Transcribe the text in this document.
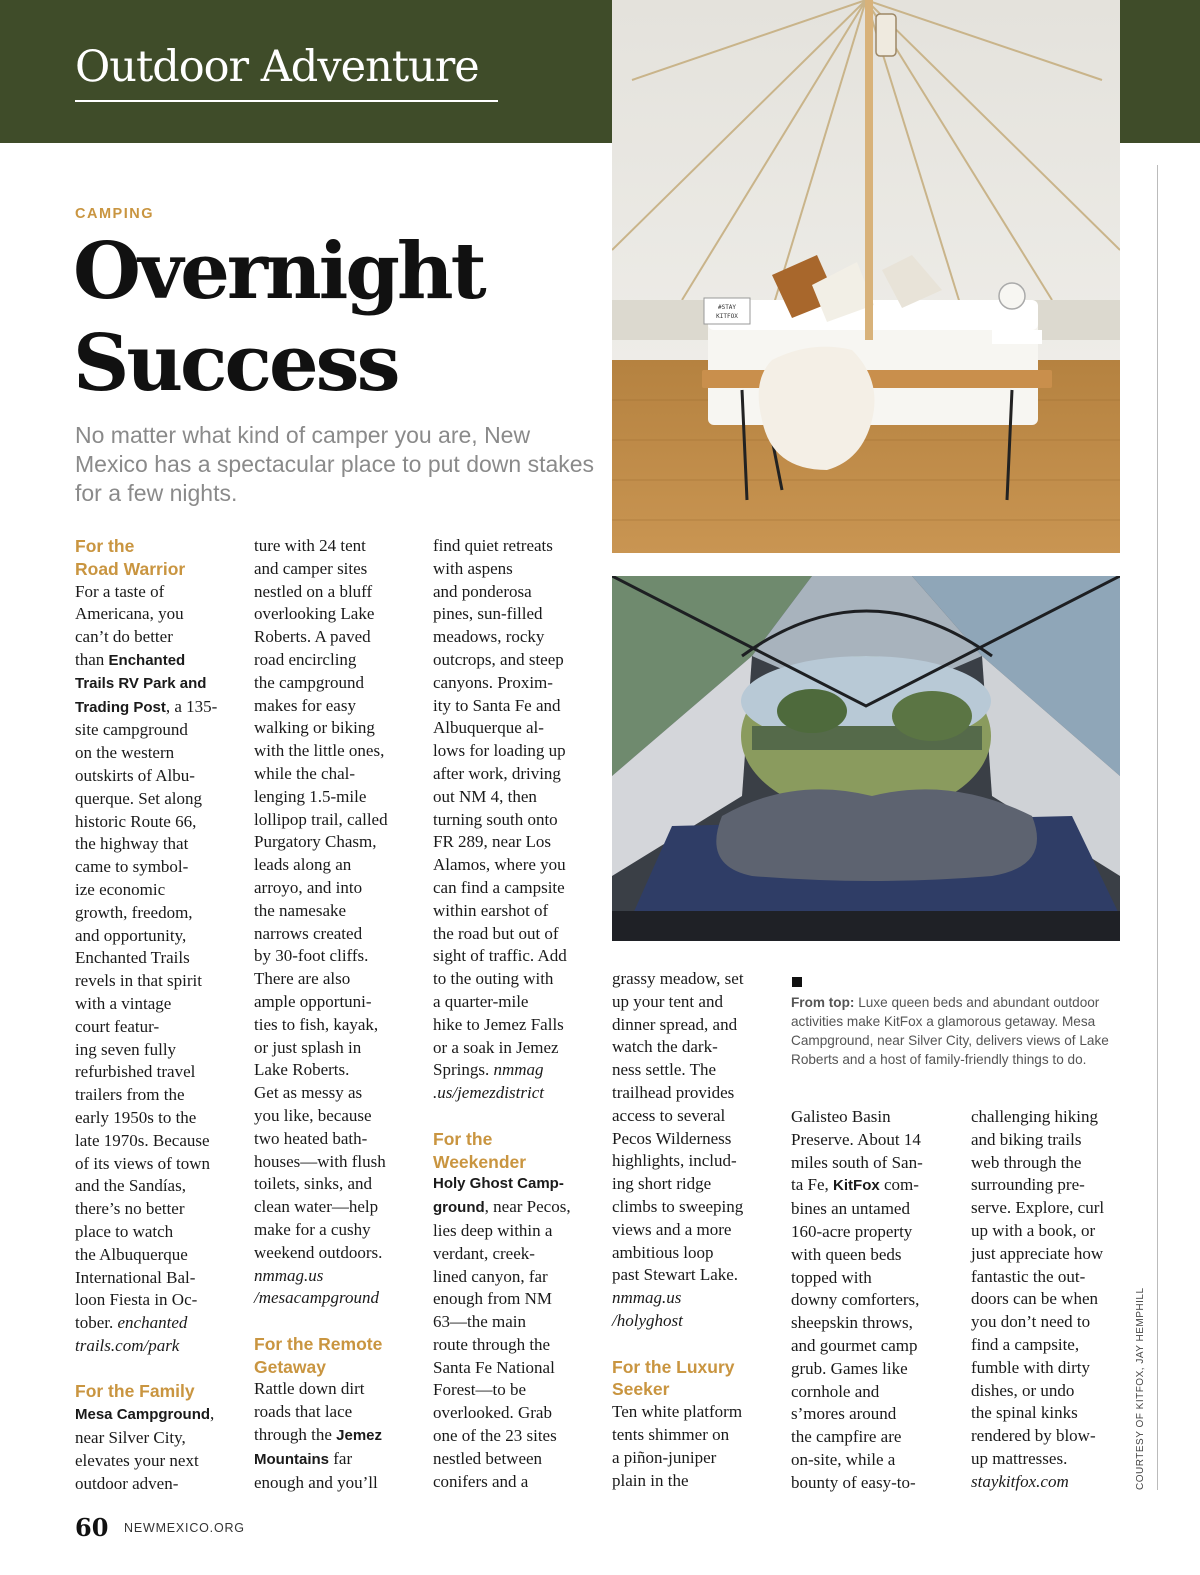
Outdoor Adventure
CAMPING
Overnight
Success
No matter what kind of camper you are, New Mexico has a spectacular place to put down stakes for a few nights.

For the
Road Warrior

For a taste of

Americana, you

can’t do better

than Enchanted

Trails RV Park and

Trading Post, a 135-

site campground

on the western

outskirts of Albu-

querque. Set along

historic Route 66,

the highway that

came to symbol-

ize economic

growth, freedom,

and opportunity,

Enchanted Trails

revels in that spirit

with a vintage

court featur-

ing seven fully

refurbished travel

trailers from the

early 1950s to the

late 1970s. Because

of its views of town

and the Sandías,

there’s no better

place to watch

the Albuquerque

International Bal-

loon Fiesta in Oc-

tober. enchanted

trails.com/park

For the Family

Mesa Campground,

near Silver City,

elevates your next

outdoor adven-

ture with 24 tent

and camper sites

nestled on a bluff

overlooking Lake

Roberts. A paved

road encircling

the campground

makes for easy

walking or biking

with the little ones,

while the chal-

lenging 1.5-mile

lollipop trail, called

Purgatory Chasm,

leads along an

arroyo, and into

the namesake

narrows created

by 30-foot cliffs.

There are also

ample opportuni-

ties to fish, kayak,

or just splash in

Lake Roberts.

Get as messy as

you like, because

two heated bath-

houses—with flush

toilets, sinks, and

clean water—help

make for a cushy

weekend outdoors.

nmmag.us

/mesacampground

For the Remote
Getaway

Rattle down dirt

roads that lace

through the Jemez

Mountains far

enough and you’ll

find quiet retreats

with aspens

and ponderosa

pines, sun-filled

meadows, rocky

outcrops, and steep

canyons. Proxim-

ity to Santa Fe and

Albuquerque al-

lows for loading up

after work, driving

out NM 4, then

turning south onto

FR 289, near Los

Alamos, where you

can find a campsite

within earshot of

the road but out of

sight of traffic. Add

to the outing with

a quarter-mile

hike to Jemez Falls

or a soak in Jemez

Springs. nmmag

.us/jemezdistrict

For the
Weekender

Holy Ghost Camp-

ground, near Pecos,

lies deep within a

verdant, creek-

lined canyon, far

enough from NM

63—the main

route through the

Santa Fe National

Forest—to be

overlooked. Grab

one of the 23 sites

nestled between

conifers and a

grassy meadow, set

up your tent and

dinner spread, and

watch the dark-

ness settle. The

trailhead provides

access to several

Pecos Wilderness

highlights, includ-

ing short ridge

climbs to sweeping

views and a more

ambitious loop

past Stewart Lake.

nmmag.us

/holyghost

For the Luxury
Seeker

Ten white platform

tents shimmer on

a piñon-juniper

plain in the

Galisteo Basin

Preserve. About 14

miles south of San-

ta Fe, KitFox com-

bines an untamed

160-acre property

with queen beds

topped with

downy comforters,

sheepskin throws,

and gourmet camp

grub. Games like

cornhole and

s’mores around

the campfire are

on-site, while a

bounty of easy-to-

challenging hiking

and biking trails

web through the

surrounding pre-

serve. Explore, curl

up with a book, or

just appreciate how

fantastic the out-

doors can be when

you don’t need to

find a campsite,

fumble with dirty

dishes, or undo

the spinal kinks

rendered by blow-

up mattresses.

staykitfox.com

#STAY
KITFOX
From top: Luxe queen beds and abundant outdoor activities make KitFox a glamorous getaway. Mesa Campground, near Silver City, delivers views of Lake Roberts and a host of family-friendly things to do.
COURTESY OF KITFOX, JAY HEMPHILL
60 NEWMEXICO.ORG
